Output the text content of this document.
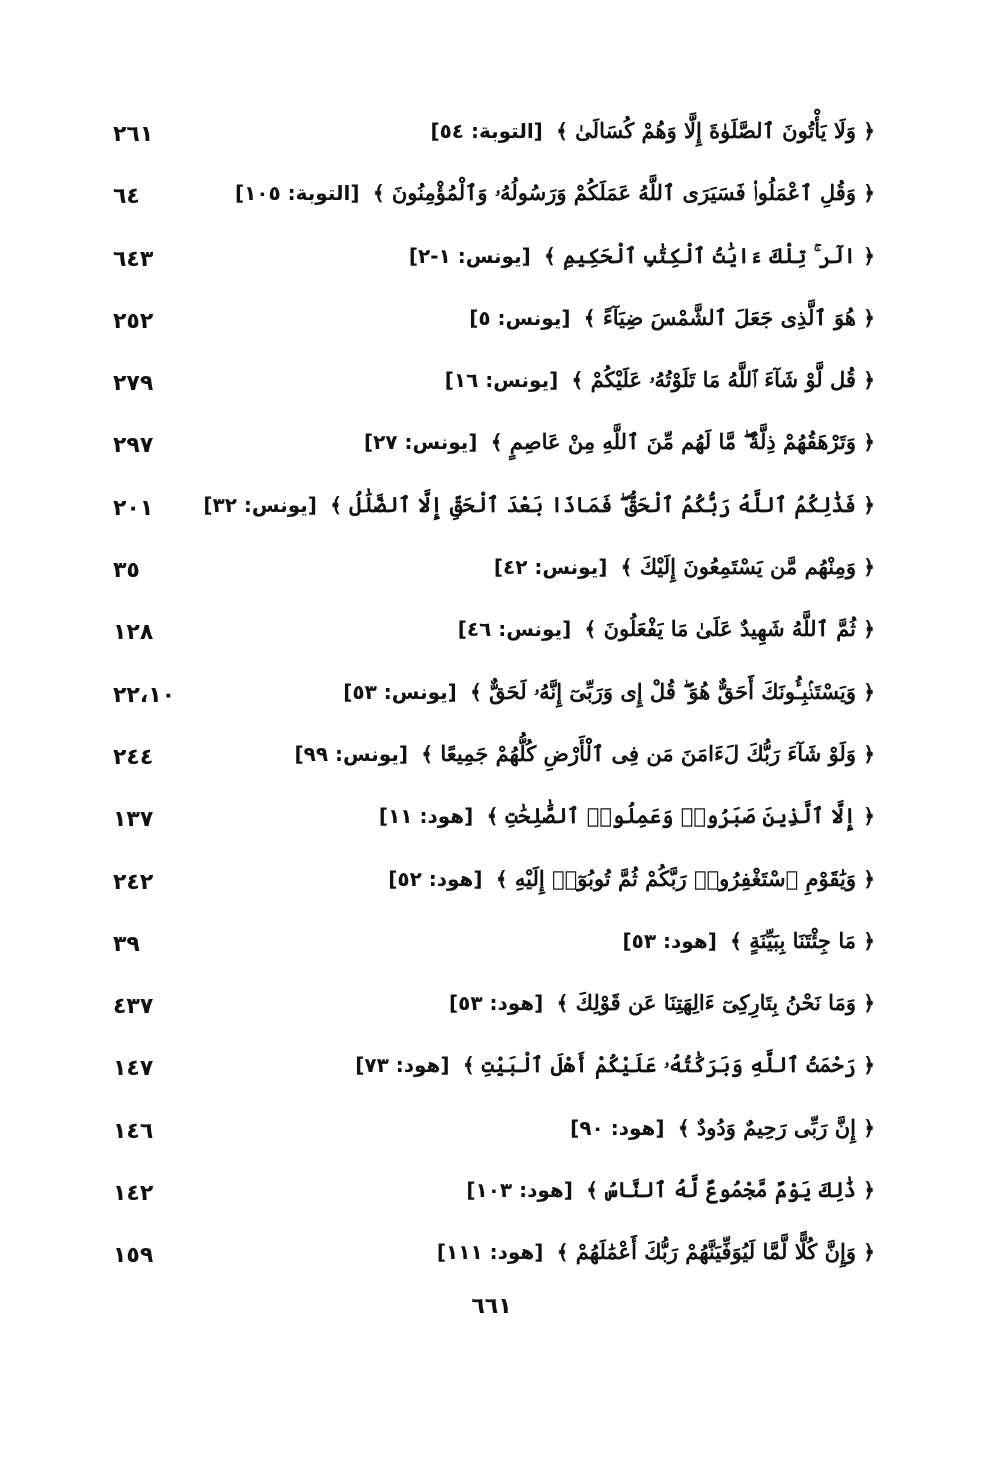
﴿ وَلَا يَأْتُونَ ٱلصَّلَوٰةَ إِلَّا وَهُمْ كُسَالَىٰ ﴾ [التوبة: ٥٤]
٢٦١
﴿ وَقُلِ ٱعْمَلُوا۟ فَسَيَرَى ٱللَّهُ عَمَلَكُمْ وَرَسُولُهُۥ وَٱلْمُؤْمِنُونَ ﴾ [التوبة: ١٠٥]
٦٤
﴿ الٓر ۚ تِلْكَ ءَايَٰتُ ٱلْكِتَٰبِ ٱلْحَكِيمِ ﴾ [يونس: ١-٢]
٦٤٣
﴿ هُوَ ٱلَّذِى جَعَلَ ٱلشَّمْسَ ضِيَآءً ﴾ [يونس: ٥]
٢٥٢
﴿ قُل لَّوْ شَآءَ ٱللَّهُ مَا تَلَوْتُهُۥ عَلَيْكُمْ ﴾ [يونس: ١٦]
٢٧٩
﴿ وَتَرْهَقُهُمْ ذِلَّةٌ ۖ مَّا لَهُم مِّنَ ٱللَّهِ مِنْ عَاصِمٍ ﴾ [يونس: ٢٧]
٢٩٧
﴿ فَذَٰلِكُمُ ٱللَّهُ رَبُّكُمُ ٱلْحَقُّ ۖ فَمَاذَا بَعْدَ ٱلْحَقِّ إِلَّا ٱلضَّلَٰلُ ﴾ [يونس: ٣٢]
٢٠١
﴿ وَمِنْهُم مَّن يَسْتَمِعُونَ إِلَيْكَ ﴾ [يونس: ٤٢]
٣٥
﴿ ثُمَّ ٱللَّهُ شَهِيدٌ عَلَىٰ مَا يَفْعَلُونَ ﴾ [يونس: ٤٦]
١٢٨
﴿ وَيَسْتَنۢبِـُٔونَكَ أَحَقٌّ هُوَ ۖ قُلْ إِى وَرَبِّىٓ إِنَّهُۥ لَحَقٌّ ﴾ [يونس: ٥٣]
٢٢،١٠
﴿ وَلَوْ شَآءَ رَبُّكَ لَءَامَنَ مَن فِى ٱلْأَرْضِ كُلُّهُمْ جَمِيعًا ﴾ [يونس: ٩٩]
٢٤٤
﴿ إِلَّا ٱلَّذِينَ صَبَرُوا۟ وَعَمِلُوا۟ ٱلصَّٰلِحَٰتِ ﴾ [هود: ١١]
١٣٧
﴿ وَيَٰقَوْمِ ٱسْتَغْفِرُوا۟ رَبَّكُمْ ثُمَّ تُوبُوٓا۟ إِلَيْهِ ﴾ [هود: ٥٢]
٢٤٢
﴿ مَا جِئْتَنَا بِبَيِّنَةٍ ﴾ [هود: ٥٣]
٣٩
﴿ وَمَا نَحْنُ بِتَارِكِىٓ ءَالِهَتِنَا عَن قَوْلِكَ ﴾ [هود: ٥٣]
٤٣٧
﴿ رَحْمَتُ ٱللَّهِ وَبَرَكَٰتُهُۥ عَلَيْكُمْ أَهْلَ ٱلْبَيْتِ ﴾ [هود: ٧٣]
١٤٧
﴿ إِنَّ رَبِّى رَحِيمٌ وَدُودٌ ﴾ [هود: ٩٠]
١٤٦
﴿ ذَٰلِكَ يَوْمٌ مَّجْمُوعٌ لَّهُ ٱلنَّاسُ ﴾ [هود: ١٠٣]
١٤٢
﴿ وَإِنَّ كُلًّا لَّمَّا لَيُوَفِّيَنَّهُمْ رَبُّكَ أَعْمَٰلَهُمْ ﴾ [هود: ١١١]
١٥٩
٦٦١
